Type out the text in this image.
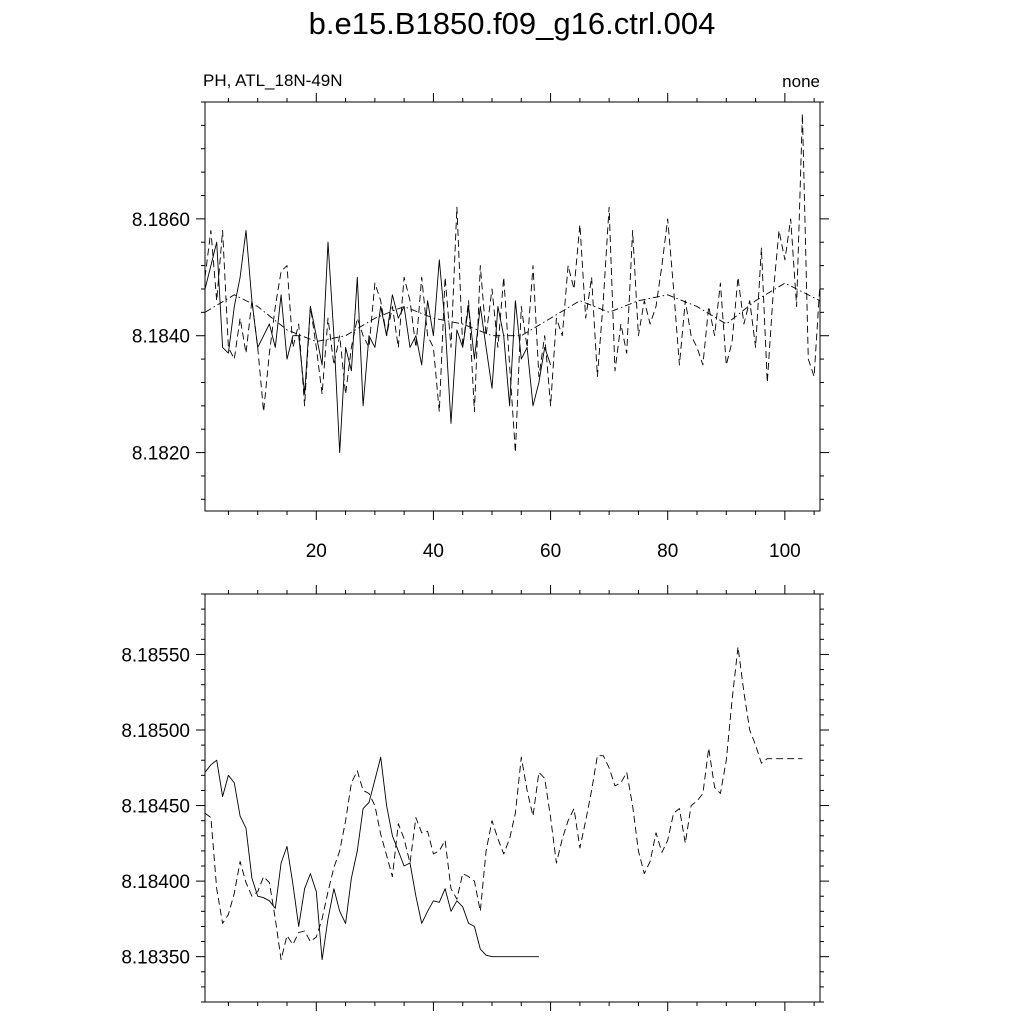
b.e15.B1850.f09_g16.ctrl.004
20	40	60	80	100
8.1820
8.1840
8.1860
PH, ATL_18N-49N	none
8.18350
8.18400
8.18450
8.18500
8.18550
